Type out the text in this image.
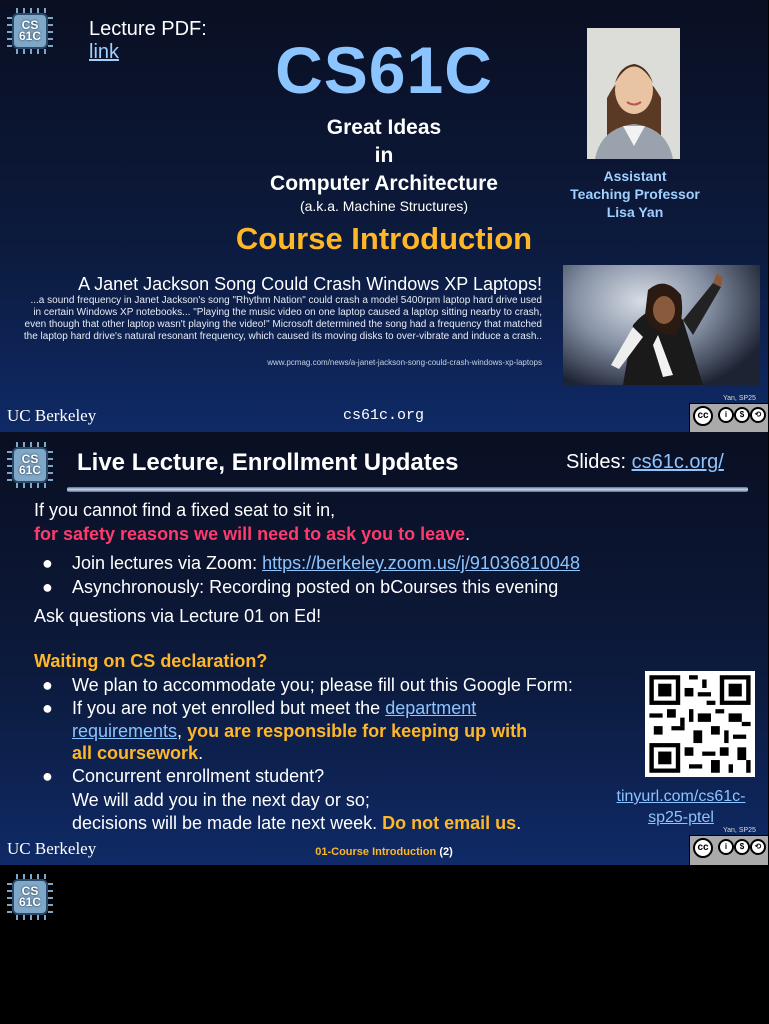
CS
61C	Lecture PDF:
link	CS61C
Great Ideas
in
Computer Architecture
(a.k.a. Machine Structures)
Course Introduction
Assistant
Teaching Professor
Lisa Yan
A Janet Jackson Song Could Crash Windows XP Laptops!
...a sound frequency in Janet Jackson's song "Rhythm Nation" could crash a model 5400rpm laptop hard drive used in certain Windows XP notebooks... "Playing the music video on one laptop caused a laptop sitting nearby to crash, even though that other laptop wasn't playing the video!" Microsoft determined the song had a frequency that matched the laptop hard drive's natural resonant frequency, which caused its moving disks to over-vibrate and induce a crash..
www.pcmag.com/news/a-janet-jackson-song-could-crash-windows-xp-laptops
UC Berkeley	cs61c.org
Yan, SP25
cc	i	$	⟲
CS
61C Live Lecture, Enrollment Updates	Slides: cs61c.org/
If you cannot find a fixed seat to sit in,
for safety reasons we will need to ask you to leave.
● Join lectures via Zoom: https://berkeley.zoom.us/j/91036810048
● Asynchronously: Recording posted on bCourses this evening
Ask questions via Lecture 01 on Ed!
Waiting on CS declaration?
● We plan to accommodate you; please fill out this Google Form:
● If you are not yet enrolled but meet the department
requirements, you are responsible for keeping up with
all coursework.
● Concurrent enrollment student?
We will add you in the next day or so;
decisions will be made late next week. Do not email us.
tinyurl.com/cs61c-
sp25-ptel
UC Berkeley	01-Course Introduction (2)
Yan, SP25
cc	i	$	⟲
CS
61C
